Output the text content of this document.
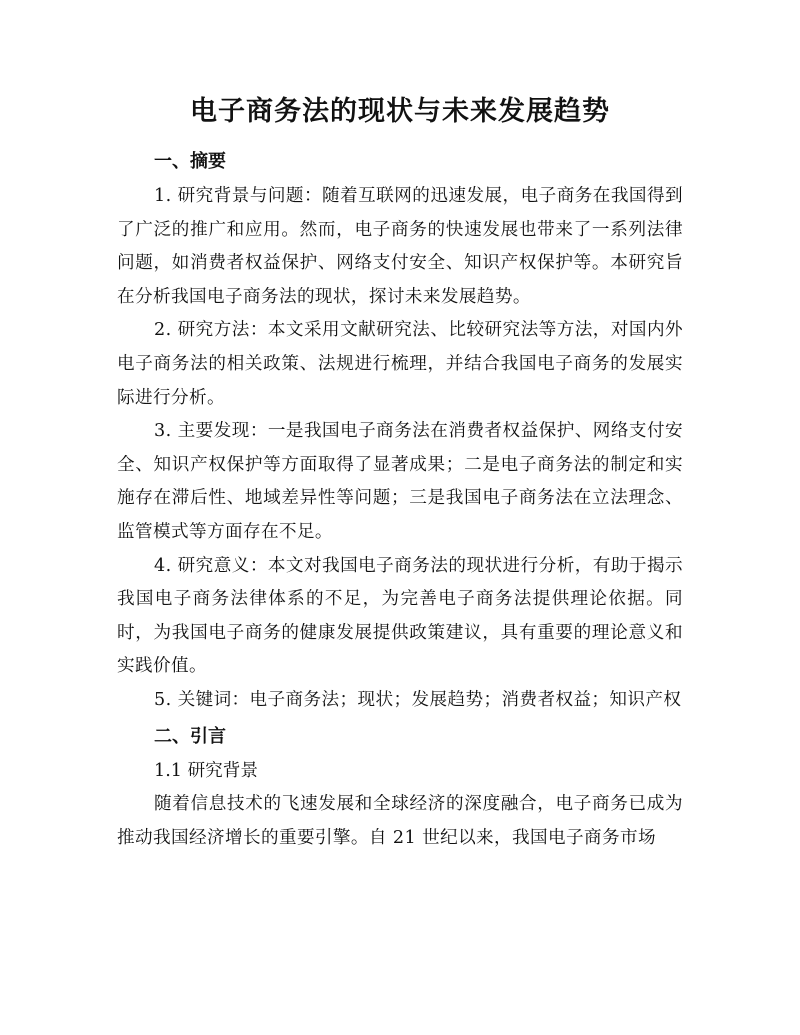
电子商务法的现状与未来发展趋势
一、摘要

1. 研究背景与问题：随着互联网的迅速发展，电子商务在我国得到了广泛的推广和应用。然而，电子商务的快速发展也带来了一系列法律问题，如消费者权益保护、网络支付安全、知识产权保护等。本研究旨在分析我国电子商务法的现状，探讨未来发展趋势。

2. 研究方法：本文采用文献研究法、比较研究法等方法，对国内外电子商务法的相关政策、法规进行梳理，并结合我国电子商务的发展实际进行分析。

3. 主要发现：一是我国电子商务法在消费者权益保护、网络支付安全、知识产权保护等方面取得了显著成果；二是电子商务法的制定和实施存在滞后性、地域差异性等问题；三是我国电子商务法在立法理念、监管模式等方面存在不足。

4. 研究意义：本文对我国电子商务法的现状进行分析，有助于揭示我国电子商务法律体系的不足，为完善电子商务法提供理论依据。同时，为我国电子商务的健康发展提供政策建议，具有重要的理论意义和实践价值。

5. 关键词：电子商务法；现状；发展趋势；消费者权益；知识产权

二、引言

1.1 研究背景

随着信息技术的飞速发展和全球经济的深度融合，电子商务已成为推动我国经济增长的重要引擎。自 21 世纪以来，我国电子商务市场
